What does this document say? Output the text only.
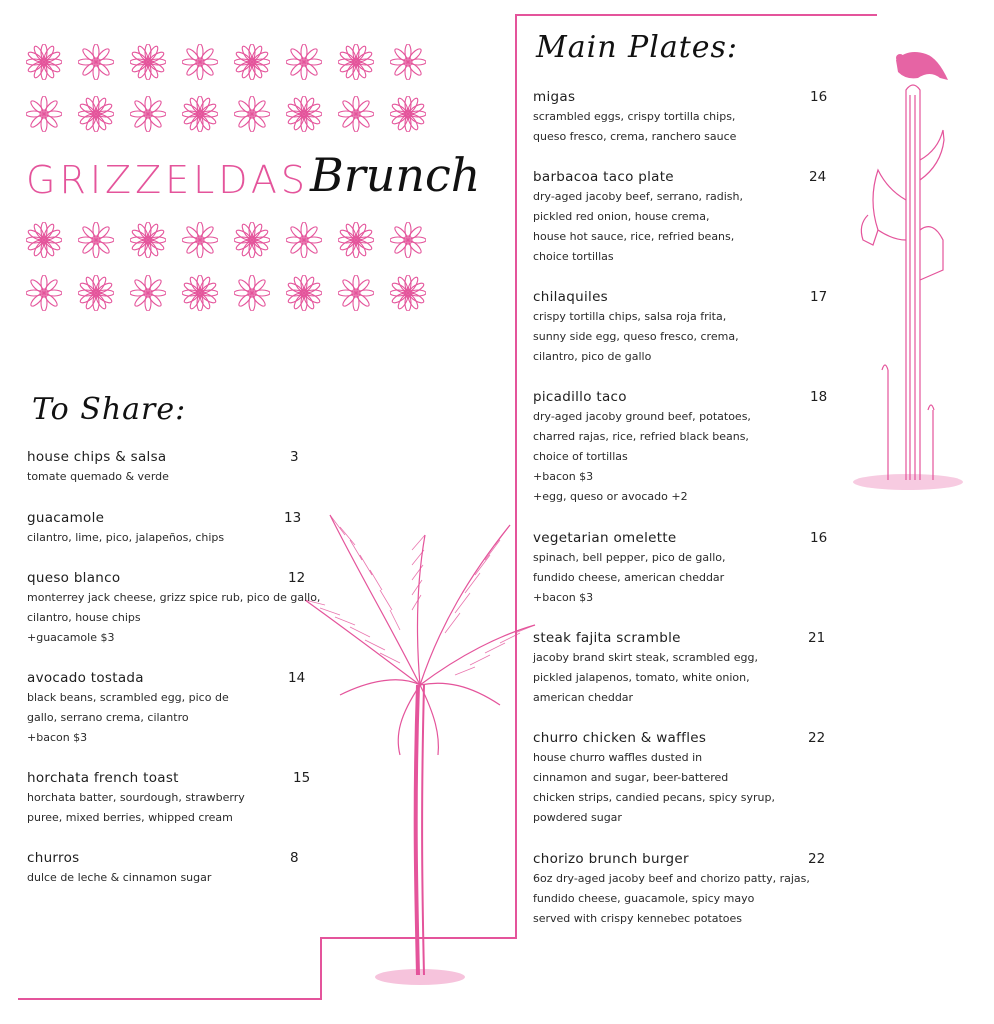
GRIZZELDAS Brunch
Main Plates:
To Share:
house chips & salsa
tomate quemado & verde
3
guacamole
cilantro, lime, pico, jalapeños, chips
13
queso blanco
monterrey jack cheese, grizz spice rub, pico de gallo,
cilantro, house chips
+guacamole $3
12
avocado tostada
black beans, scrambled egg, pico de
gallo, serrano crema, cilantro
+bacon $3
14
horchata french toast
horchata batter, sourdough, strawberry
puree, mixed berries, whipped cream
15
churros
dulce de leche & cinnamon sugar
8
migas
scrambled eggs, crispy tortilla chips,
queso fresco, crema, ranchero sauce
16
barbacoa taco plate
dry-aged jacoby beef, serrano, radish,
pickled red onion, house crema,
house hot sauce, rice, refried beans,
choice tortillas
24
chilaquiles
crispy tortilla chips, salsa roja frita,
sunny side egg, queso fresco, crema,
cilantro, pico de gallo
17
picadillo taco
dry-aged jacoby ground beef, potatoes,
charred rajas, rice, refried black beans,
choice of tortillas
+bacon $3
+egg, queso or avocado +2
18
vegetarian omelette
spinach, bell pepper, pico de gallo,
fundido cheese, american cheddar
+bacon $3
16
steak fajita scramble
jacoby brand skirt steak, scrambled egg,
pickled jalapenos, tomato, white onion,
american cheddar
21
churro chicken & waffles
house churro waffles dusted in
cinnamon and sugar, beer-battered
chicken strips, candied pecans, spicy syrup,
powdered sugar
22
chorizo brunch burger
6oz dry-aged jacoby beef and chorizo patty, rajas,
fundido cheese, guacamole, spicy mayo
served with crispy kennebec potatoes
22
